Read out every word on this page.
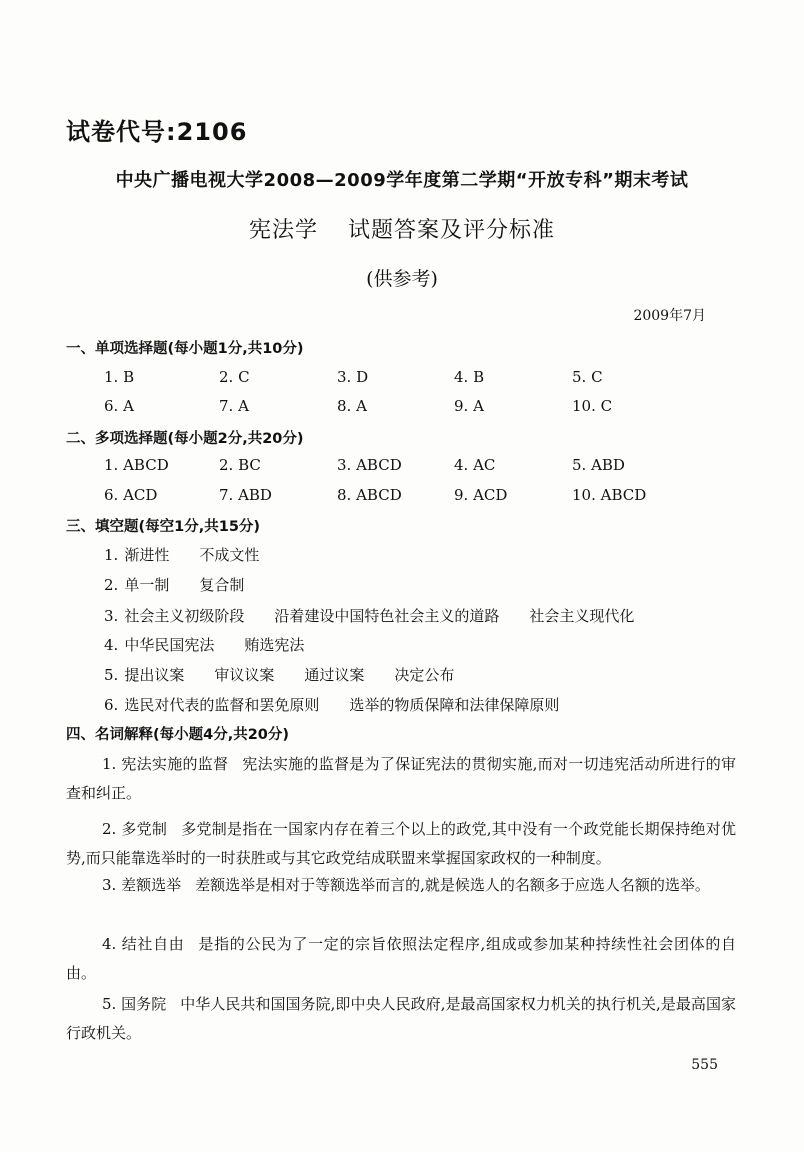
试卷代号:2106
中央广播电视大学2008—2009学年度第二学期“开放专科”期末考试
宪法学 试题答案及评分标准
(供参考)
2009年7月
一、单项选择题(每小题1分,共10分)
1. B	2. C	3. D	4. B	5. C
6. A	7. A	8. A	9. A	10. C
二、多项选择题(每小题2分,共20分)
1. ABCD	2. BC	3. ABCD	4. AC	5. ABD
6. ACD	7. ABD	8. ABCD	9. ACD	10. ABCD
三、填空题(每空1分,共15分)
1. 渐进性 不成文性
2. 单一制 复合制
3. 社会主义初级阶段 沿着建设中国特色社会主义的道路 社会主义现代化
4. 中华民国宪法 贿选宪法
5. 提出议案 审议议案 通过议案 决定公布
6. 选民对代表的监督和罢免原则 选举的物质保障和法律保障原则
四、名词解释(每小题4分,共20分)
1. 宪法实施的监督 宪法实施的监督是为了保证宪法的贯彻实施,而对一切违宪活动所进行的审查和纠正。
2. 多党制 多党制是指在一国家内存在着三个以上的政党,其中没有一个政党能长期保持绝对优势,而只能靠选举时的一时获胜或与其它政党结成联盟来掌握国家政权的一种制度。
3. 差额选举 差额选举是相对于等额选举而言的,就是候选人的名额多于应选人名额的选举。
4. 结社自由 是指的公民为了一定的宗旨依照法定程序,组成或参加某种持续性社会团体的自由。
5. 国务院 中华人民共和国国务院,即中央人民政府,是最高国家权力机关的执行机关,是最高国家行政机关。
555
